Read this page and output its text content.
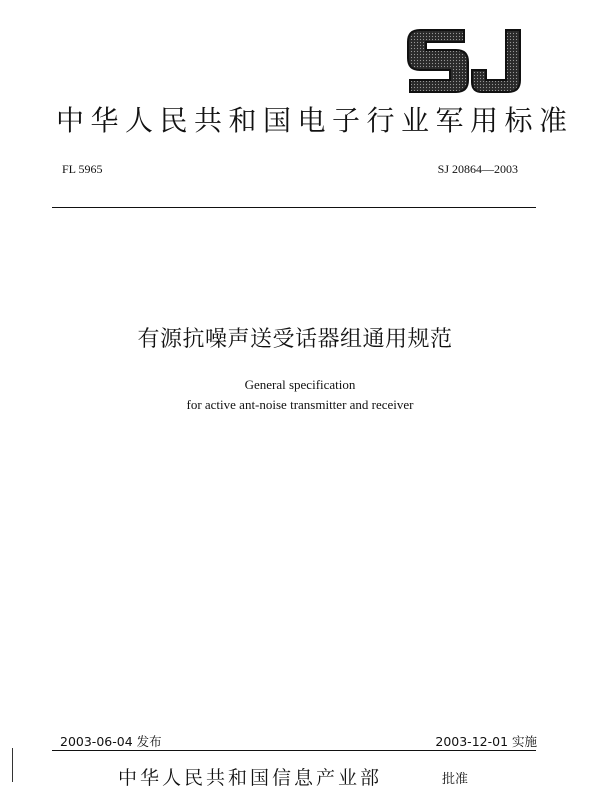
中华人民共和国电子行业军用标准
FL 5965	SJ 20864—2003
有源抗噪声送受话器组通用规范
General specification
for active ant-noise transmitter and receiver
2003-06-04 发布	2003-12-01 实施
中华人民共和国信息产业部	批准
